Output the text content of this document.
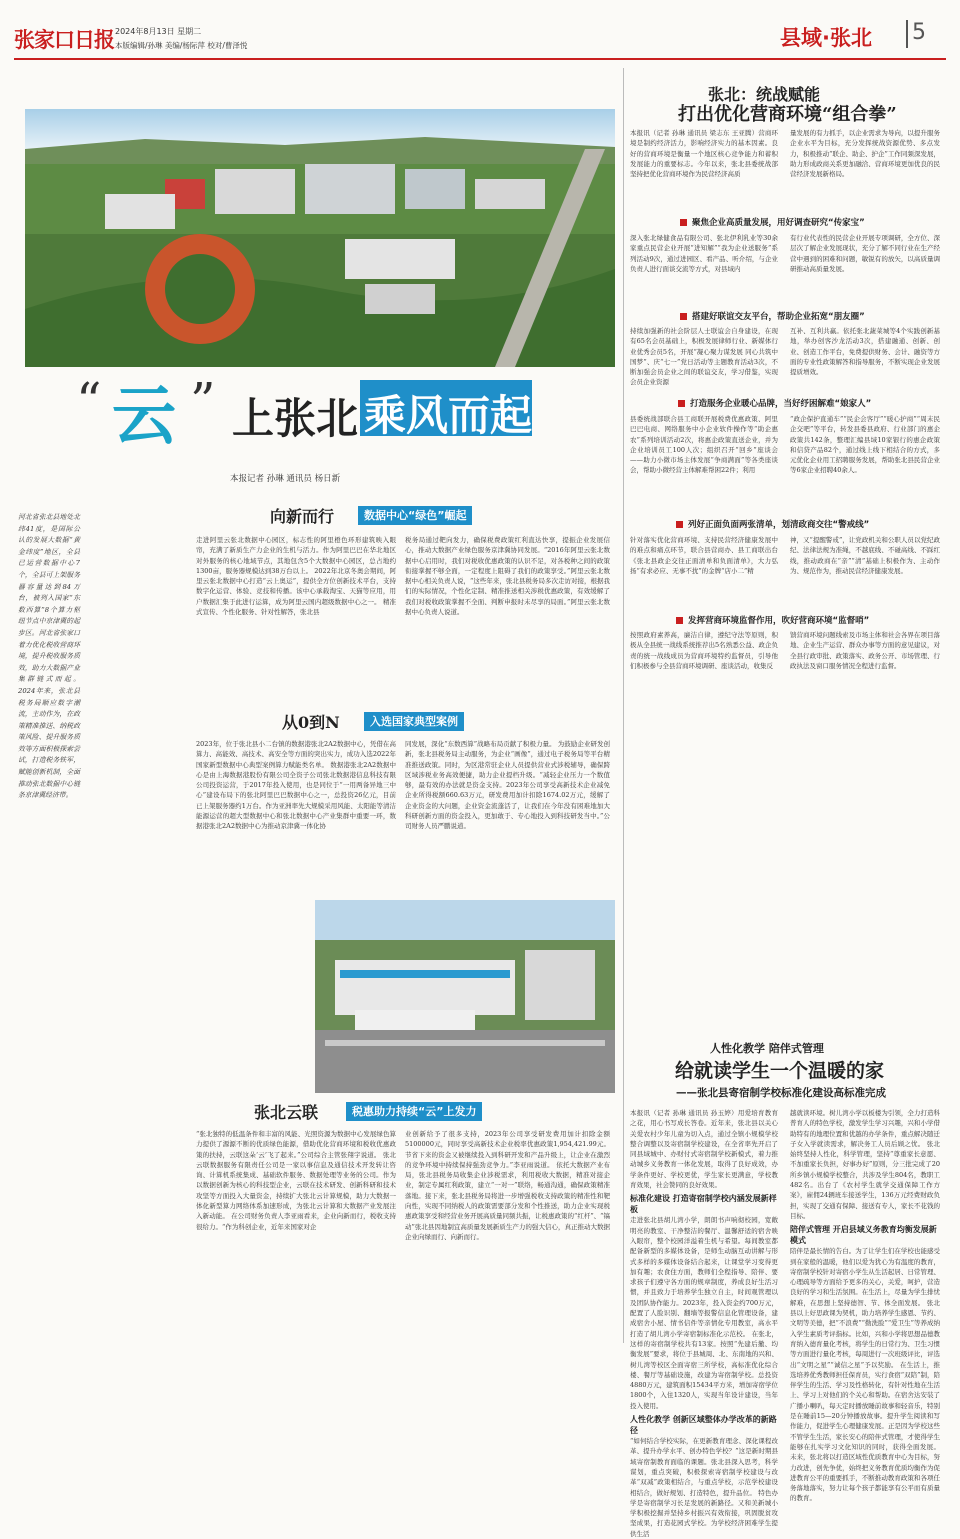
张家口日报 2024年8月13日 星期二
本版编辑/孙琳 美编/杨际萍 校对/曹泽悦	县域·张北 5
“ 云 ” 上张北 乘风而起
本报记者 孙琳 通讯员 杨日新
河北省张北县地处北纬41度，是国际公认的发展大数据“黄金纬度”地区，全县已运营数据中心7个，全县可上架服务器容量达到84万台，被列入国家“东数西算”8个算力枢纽节点中京津冀的起步区。河北省张家口着力优化税收营商环境，提升税收服务质效，助力大数据产业集群链式而起。 2024年来，张北县税务局顺应数字潮流，主动作为，在政策精准推送、纳税政策风险、提升服务质效等方面积极探索尝试，打造税务铁军，赋能创新机制，全面推动张北数据中心链条京津冀经济带。
向新而行	数据中心“绿色”崛起
走进阿里云张北数据中心园区，标志性的阿里橙色环形建筑映入眼帘，充满了新质生产力企业的生机与活力。作为阿里巴巴在华北地区对外服务的核心地域节点，其地包含5个大数据中心园区，总占地约1300亩，服务器规模达到38万台以上。 2022年北京冬奥会期间，阿里云张北数据中心打造“云上奥运”，提供全方位创新技术平台，支持数字化运营、体验、竞技和传播。该中心承载淘宝、天猫等应用，用户数据汇集于此进行运算，成为阿里云国内超级数据中心之一。 精准式宣传、个性化服务、针对性解答，张北县
税务局通过靶向发力，确保税费政策红利直达快享，提振企业发展信心，推动大数据产业绿色服务京津冀协同发展。“2016年阿里云张北数据中心启用时，我们对税收优惠政策的认识不足，对各税种之间的政策衔接掌握不够全面，一定程度上阻碍了我们的政策享受。”阿里云张北数据中心相关负责人说，“这些年来，张北县税务局多次走访对接，根据我们的实际情况，个性化定制、精准推送相关涉税优惠政策，有效缓解了我们对税收政策掌握不全面、判断申报时未尽享的局面。”阿里云张北数据中心负责人说道。
从0到N	入选国家典型案例
2023年，位于张北县小二台镇的数据港张北2A2数据中心，凭借在高算力、高能效、高技术、高安全等方面的突出实力，成功入选2022年国家新型数据中心典型案例算力赋能类名单。 数据港张北2A2数据中心是由上海数据港股份有限公司全资子公司张北数据港信息科技有限公司投资运营，于2017年投入使用，也是同位于“一用两备异地三中心”建设布局下的张北阿里巴巴数据中心之一，总投资26亿元，目前已上架服务器约1万台。作为亚洲率先大规模采用风能、太阳能等清洁能源运营的超大型数据中心和张北数据中心产业集群中重要一环，数据港张北2A2数据中心为推动京津冀一体化协
同发展，深化“东数西算”战略布局贡献了积极力量。 为鼓励企业研发创新，张北县税务局主动服务，为企业“画像”，通过电子税务局等平台精准推送政策。同时，为区港常驻企业人员提供营业式涉税辅导，确保跨区域涉税业务高效便捷，助力企业提档升级。“减轻企业压力一个数值够，最有效的办法就是资金支持。2023年公司享受高新技术企业减免企业所得税额660.63万元，研发费用加计扣除1674.02万元，缓解了企业资金的大问题，企业资金流蓬活了，让我们在今年没有困难地加大科研创新方面的资金投入，更加敢于、专心地投入到科技研发当中。”公司财务人员严鹏说道。
张北云联	税惠助力持续“云”上发力
“张北独特的低温条件和丰富的风能、光照资源为数据中心发展绿色算力提供了源源不断的优质绿色能源，借助优化营商环境和税收优惠政策的扶持，云联这朵‘云’飞了起来。”公司综合主管张翔宇说道。 张北云联数据服务有限责任公司是一家以事信息及通信技术开发转让咨询、计算机系统集成、基础软件服务、数据处理等业务的公司。作为以数据创新为核心的科技型企业，云联在技术研发、创新科研和技术攻坚等方面投入大量资金，持续扩大张北云计算规模，助力大数据一体化新型算力网络体系加速形成，为张北云计算和大数据产业发展注入新动能。 在公司财务负责人李亚雨看来，企业向新而行，税收支持很给力。“作为科创企业，近年来国家对企
业创新给予了很多支持，2023年公司享受研发费用加计扣除金额5100000元，同时享受高新技术企业税率优惠政策1,954,421.99元。节省下来的资金又被继续投入到科研开发和产品升级上，让企业在激烈的竞争环境中持续保持强劲竞争力。”李亚雨说道。 依托大数据产业布局，张北县税务局收集企业涉税需求，利用税收大数据，精准对接企业，制定专属红利政策，建立“一对一”联络，畅通沟通，确保政策精准落地。接下来，张北县税务局将进一步增强税收支持政策的精准性和靶向性，实现不同纳税人的政策需要部分发和个性推送，助力企业实现税惠政策享受和经营业务开展高质量同频共振，让税惠政策的“红杆”、“镐动”张北县因地制宜高质量发展新质生产力的强大信心，真正推动大数据企业向绿而行、向新而行。
张北：统战赋能
打出优化营商环境“组合拳”
本报讯（记者 孙琳 通讯员 梁志东 王亚腾）营商环境是制约经济活力，影响经济实力的基本因素。良好的营商环境是衡量一个地区核心竞争能力和蓄积发展能力的重要标志。今年以来，张北县委统战部坚持把优化营商环境作为民营经济高质
量发展的有力抓手，以企业需求为导向，以提升服务企业水平为目标，充分发挥统战资源优势、多点发力，积极推动“联企、助企、护企”工作同频深发展，助力形成政商关系更加融洽、营商环境更加优良的民营经济发展新格局。
聚焦企业高质量发展，用好调查研究“传家宝”
深入张北绿健食品有限公司、张北伊利乳业等30余家重点民营企业开展“进知解”“我为企业送服务”系列活动9次，通过进园区、看产品、听介绍，与企业负责人进行面谈交流等方式，对县域内
有行业代表性的民营企业开展专项调研，全方位、深层次了解企业发展现状，充分了解不同行业在生产经营中遇到的困难和问题，敏锐有的放矢，以高质量调研推动高质量发展。
搭建好联谊交友平台，帮助企业拓宽“朋友圈”
持续加强新的社会阶层人士联谊会自身建设，在现有65名会员基础上，积极发展律师行业、新媒体行业优秀会员5名，开展“凝心聚力谋发展 同心共筑中国梦”、庆“七一”党日活动等主题教育活动3次，不断加强会员企业之间的联谊交友，学习借鉴，实现会员企业资源
互补、互利共赢。依托张北蔬菜城等4个实践创新基地，举办创客沙龙活动3次，搭建融通、创新、创业、创造工作平台，免费提供财务、会计、融资等方面的专业性政策解答和指导服务，不断实现企业发展提质增效。
打造服务企业暖心品牌，当好纾困解难“娘家人”
县委统战部联合县工商联开展税费优惠政策、阿里巴巴电商、网络服务中小企业软件操作等“助企惠农”系列培训活动2次，将惠企政策直送企业，并为企业培训员工100人次；组织召开“回乡”座谈会——助力小微市场主体发展“争商满面”等各类座谈会，帮助小微经营主体解难帮困22件；利用
“政企保护直通车”“民企会客厅”“暖心护商”“周末民企交吧”等平台，转发县委县政府、行业部门的惠企政策共142条，整理汇编县域10家银行的惠企政策和信贷产品82个，通过线上线下相结合的方式，多元优化企业用工招聘服务发展，帮助张北县民营企业等6家企业招聘40余人。
列好正面负面两张清单，划清政商交往“警戒线”
针对落实优化营商环境、支持民营经济健康发展中的难点和痛点环节，联合县营商办、县工商联出台《张北县政企交往正面清单和负面清单》，大力弘扬“有求必应、无事不扰”的金牌“店小二”精
神，又“提醒警戒”，让党政机关和公职人员以党纪政纪、法律法规为准绳，不越底线、不碰高线、不踩红线，推动政商在“亲”“清”基础上积极作为、主动作为、规范作为，推动民营经济健康发展。
发挥营商环境监督作用，吹好营商环境“监督哨”
按照政府素养高，廉洁自律，遵纪守法等原则，积极从全县统一战线系统推荐出5名熟悉公益、政企负责的统一战线成员为营商环境特约监督员，引导他们积极参与全县营商环境调研、座谈活动，收集反
馈营商环境问题线索及市场主体和社会各界在项目落地、企业生产运营、群众办事等方面的意见建议，对全县行政审批、政策落实、政务公开、市场管理、行政执法及窗口服务情况全程进行监督。
人性化教学 陪伴式管理
给就读学生一个温暖的家
——张北县寄宿制学校标准化建设高标准完成
本报讯（记者 孙琳 通讯员 孙玉婷）用爱培育教育之花，用心书写成长答卷。近年来，张北县以关心关爱农村少年儿童为切入点，通过全镇小规模学校整合调整以及寄宿制学校建设，在全省率先开启了同县域城中、办财付式寄宿制学校新模式，着力推动城乡义务教育一体化发展，取得了良好成效，办学条件更好、学校更优，学生家长更满意，学校教育效果，社会赞同的良好效果。
标准化建设 打造寄宿制学校内涵发展新样板
走进张北县胡儿湾小学，朗朗书声响彻校园，宽敞明亮的教室、干净整洁的餐厅、温馨舒适的宿舍映入眼帘，整个校园洋溢着生机与希望。每间教室都配备新型的多媒体设备，是师生动脑互动讲解与形式多样的多媒体设备结合起来，让课堂学习变得更加有趣；农食住方面，教师们全程指导、陪伴、要求孩子们遵守各方面的规章制度，养成良好生活习惯，并且致力于培养学生独立自主，时间观管理以及团队协作能力。2023年，投入资金约700万元，配置了人脸识别、翻墙等报警信息化管理设备，建成宿舍小屋、情书信件等亲情化专用教室，高水平打造了胡儿湾小学寄宿制标准化示范校。 在张北，这样的寄宿制学校共有13家。按照“先建后撤、均衡发展”要求，将位于县城周、北、东南地的兴和、树儿湾等校区全面寄宿三所学校，高标准优化综合楼、餐厅等基础设施，改建为寄宿制学校。总投资4880万元，建筑面积15434平方米，增加寄宿学位1800个，入住1320人，实现当年设计建设，当年投入使用。
人性化教学 创新区域整体办学改革的新路径
“如何结合学校实际，在更新教育理念、深化课程改革、提升办学水平、创办特色学校？”这是新时期县域寄宿制教育面临的课题。张北县深入思考，科学谋划，重点突破，积极探索寄宿制学校建设与改革“双减”政策相结合，与重点学校，示范学校建设相结合，做好规划、打造特色，提升品位。 特色办学是寄宿制学习长足发展的新路径。又和美新城小学积极挖掘并坚持乡村振兴有效衔接，巩固脱贫攻坚成果，打造花园式学校。为学校经济困难学生提供生活
越就读环境。树儿湾小学以板楼为引领，全力打造科普育人的特色学校，激发学生学习兴趣，兴和小学借助特有的地理位置和优越的办学条件，重点解决随迁子女入学就读需求，解决务工人员后顾之忧。 张北始终坚持人性化，科学管理，坚持“尊重家长意愿、不加重家长负担，好事办好”原则，分三批完成了20所乡镇小规模学校整合，共涉及学生804名，教职工482名。出台了《农村学生就学交通保障工作方案》，雇佣24辆班车接送学生，136万元经费财政负担，实现了交通有保障、接送有专人，家长不花钱的目标。
陪伴式管理 开启县域义务教育均衡发展新模式
陪伴是最长情的告白。为了让学生们在学校也能感受到在家般的温暖，他们以爱为犹心为有温度的教育，寄宿制学校针对寄宿小学生从生活起居、日常管理、心理疏导等方面给予更多的关心，关爱，呵护，营造良好的学习和生活氛围。在生活上，尽量为学生排忧解难，在思想上坚持德智、节、体全面发展。 张北县以上好思政课为契机，助力培养学生感恩、节约、文明等美德，把“不浪费”“勤洗脸”“爱卫生”等养成纳入学生素质考评指标。比如，兴和小学将思想品德教育纳入德育量化考核，将学生的日常行为、卫生习惯等方面进行量化考核，每周进行一次班级评比，评选出“文明之星”“诚信之星”予以奖励。 在生活上，推选培养优秀教师担任保育员，实行食宿“双陪”制，陪伴学生的生活、学习及性格转化，有针对性地在生活上、学习上对他们的个关心和帮助。在宿舍达安装了广播小喇叭，每天定时播放睡前故事和轻音乐，特别是在睡前15—20分钟播放故事。提升学生阅读和写作能力，促进学生心理健康发展。正是因为学校这些不管学生生活，家长安心的陪伴式管理，才使得学生能够在扎实学习文化知识的同时，获得全面发展。 未来，张北将以打造区域性优质教育中心为目标，努力改进，创先争优，始终把义务教育优质均衡作为促进教育公平的重要抓手，不断推动教育政策和各项任务落地落实，努力让每个孩子都能享有公平而有质量的教育。
